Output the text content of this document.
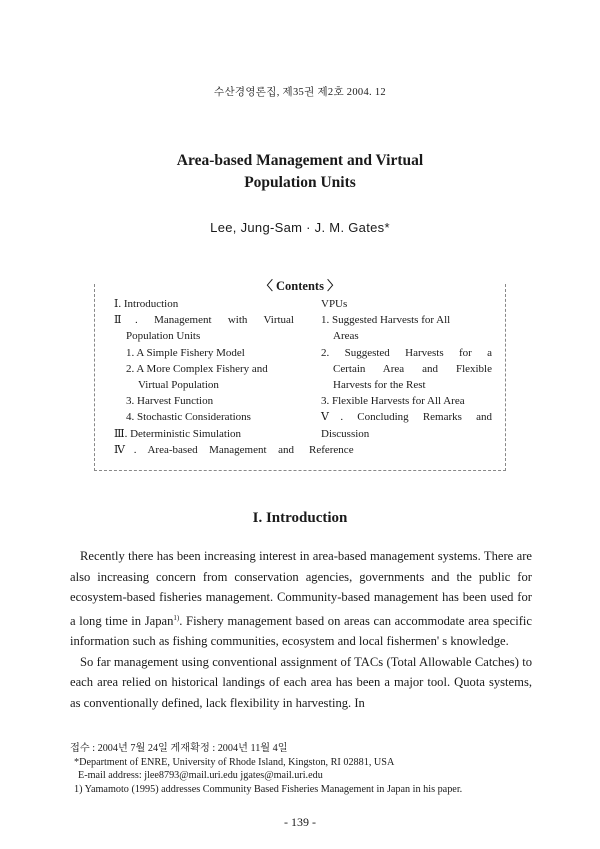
수산경영론집, 제35권 제2호 2004. 12
Area-based Management and Virtual
Population Units
Lee, Jung-Sam · J. M. Gates*
〈 Contents 〉
Ⅰ. Introduction
Ⅱ. Management with Virtual
Population Units
1. A Simple Fishery Model
2. A More Complex Fishery and
Virtual Population
3. Harvest Function
4. Stochastic Considerations
Ⅲ. Deterministic Simulation
Ⅳ. Area-based Management and
VPUs
1. Suggested Harvests for All
Areas
2. Suggested Harvests for a
Certain Area and Flexible
Harvests for the Rest
3. Flexible Harvests for All Area
Ⅴ. Concluding Remarks and
Discussion
Reference
I. Introduction

Recently there has been increasing interest in area-based management systems. There are also increasing concern from conservation agencies, governments and the public for ecosystem-based fisheries management. Community-based management has been used for a long time in Japan$^{1)}$. Fishery management based on areas can accommodate area specific information such as fishing communities, ecosystem and local fishermen' s knowledge.

So far management using conventional assignment of TACs (Total Allowable Catches) to each area relied on historical landings of each area has been a major tool. Quota systems, as conventionally defined, lack flexibility in harvesting. In

접수 : 2004년 7월 24일 게재확정 : 2004년 11월 4일
*Department of ENRE, University of Rhode Island, Kingston, RI 02881, USA
E-mail address: jlee8793@mail.uri.edu jgates@mail.uri.edu
1) Yamamoto (1995) addresses Community Based Fisheries Management in Japan in his paper.
- 139 -
